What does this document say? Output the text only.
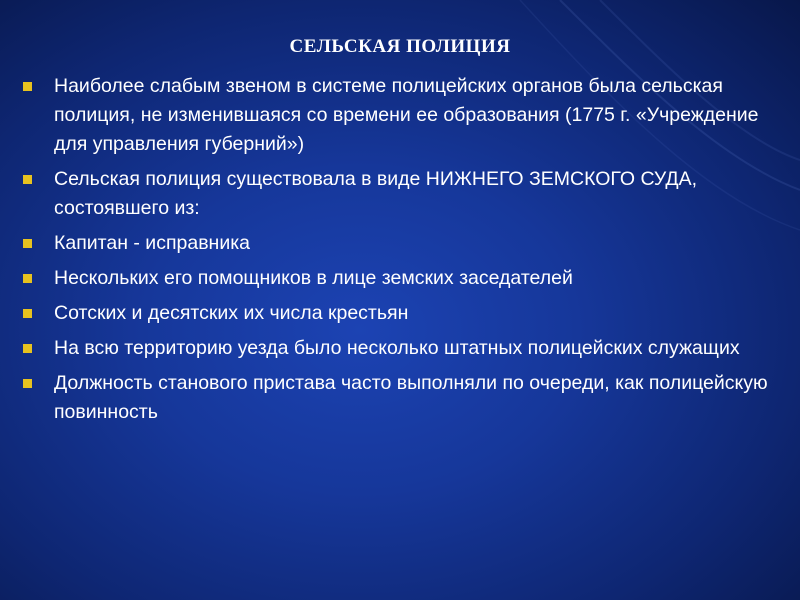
СЕЛЬСКАЯ ПОЛИЦИЯ
Наиболее слабым звеном в системе полицейских органов была сельская полиция, не изменившаяся со времени ее образования (1775 г. «Учреждение для управления губерний»)
Сельская полиция существовала в виде НИЖНЕГО ЗЕМСКОГО СУДА, состоявшего из:
Капитан - исправника
Нескольких его помощников в лице земских заседателей
Сотских и десятских их числа крестьян
На всю территорию уезда было несколько штатных полицейских служащих
Должность станового пристава часто выполняли по очереди, как полицейскую повинность
